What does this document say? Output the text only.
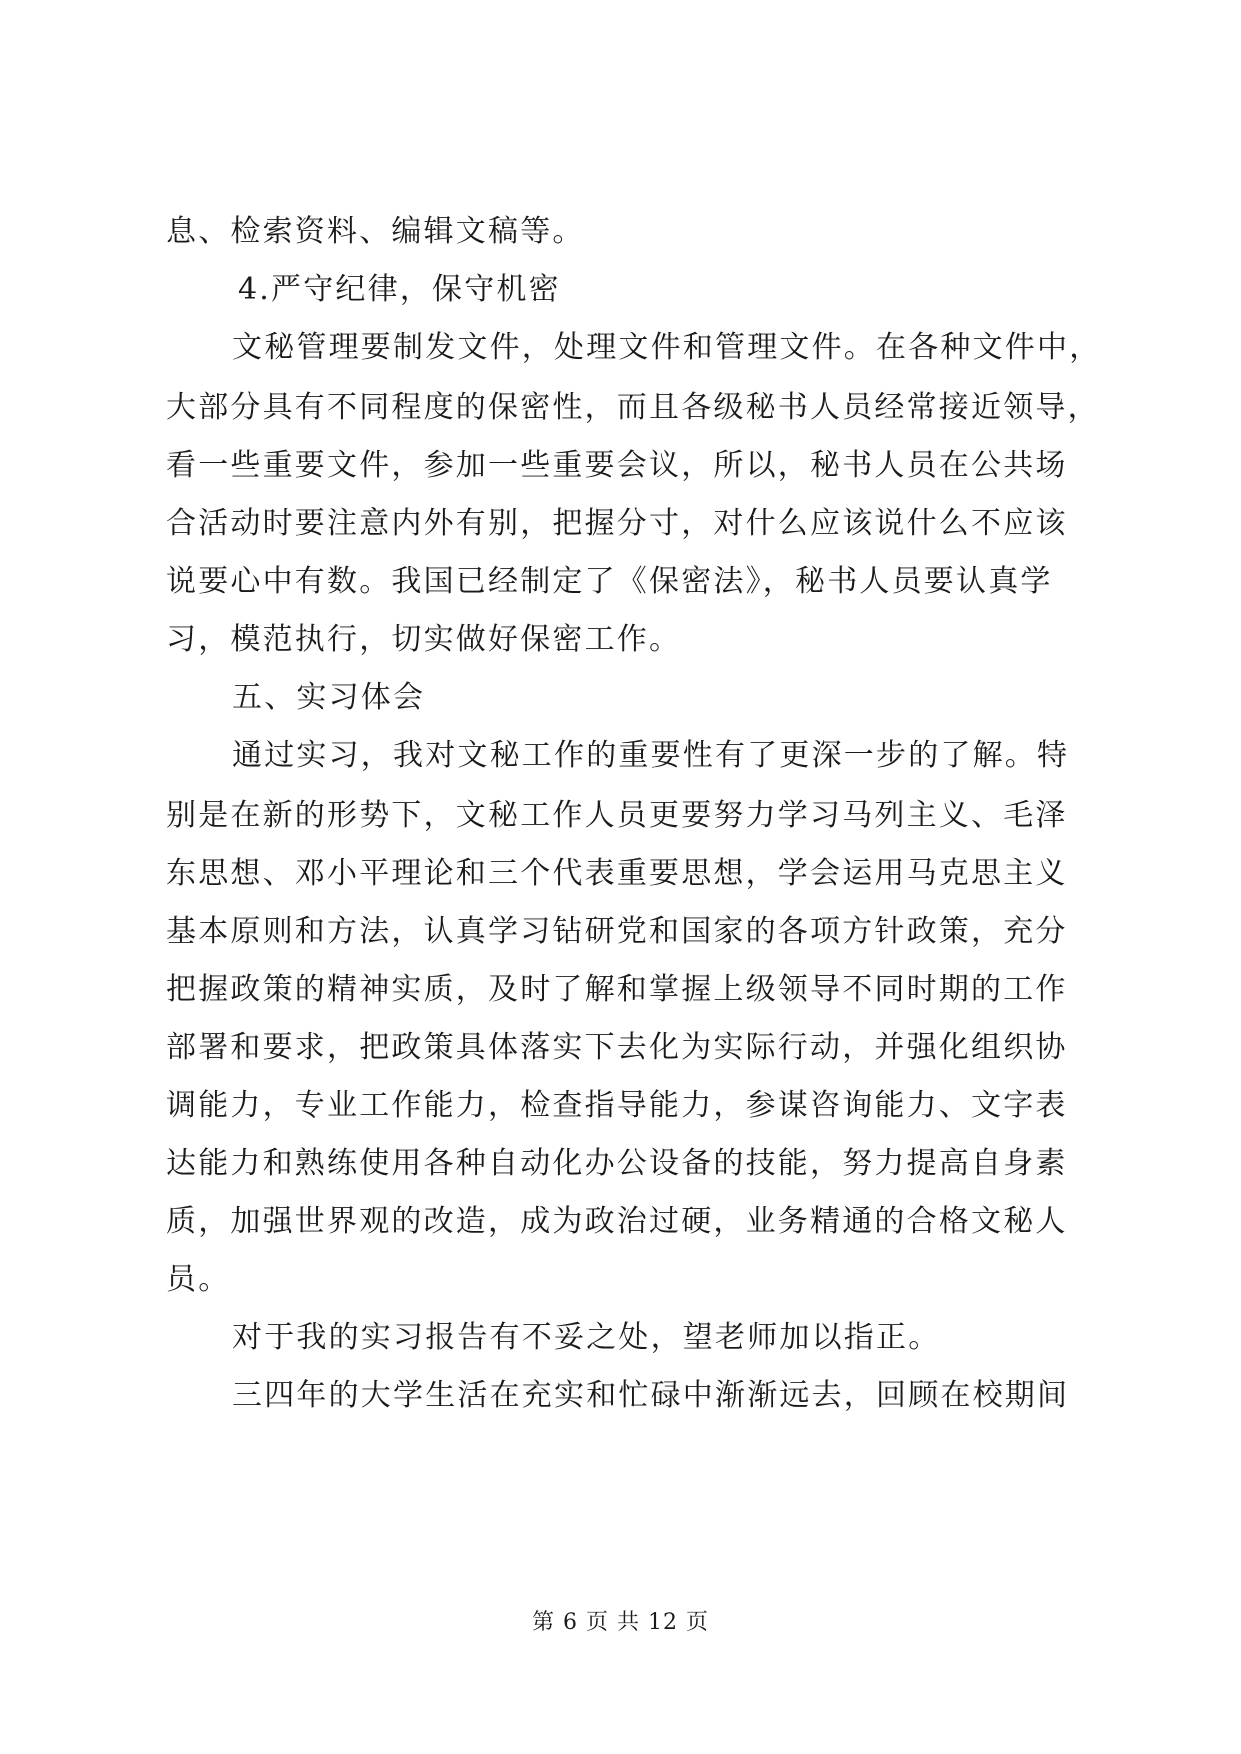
息、检索资料、编辑文稿等。
4.严守纪律，保守机密
文秘管理要制发文件，处理文件和管理文件。在各种文件中，
大部分具有不同程度的保密性，而且各级秘书人员经常接近领导，
看一些重要文件，参加一些重要会议，所以，秘书人员在公共场
合活动时要注意内外有别，把握分寸，对什么应该说什么不应该
说要心中有数。我国已经制定了《保密法》，秘书人员要认真学
习，模范执行，切实做好保密工作。
五、实习体会
通过实习，我对文秘工作的重要性有了更深一步的了解。特
别是在新的形势下，文秘工作人员更要努力学习马列主义、毛泽
东思想、邓小平理论和三个代表重要思想，学会运用马克思主义
基本原则和方法，认真学习钻研党和国家的各项方针政策，充分
把握政策的精神实质，及时了解和掌握上级领导不同时期的工作
部署和要求，把政策具体落实下去化为实际行动，并强化组织协
调能力，专业工作能力，检查指导能力，参谋咨询能力、文字表
达能力和熟练使用各种自动化办公设备的技能，努力提高自身素
质，加强世界观的改造，成为政治过硬，业务精通的合格文秘人
员。
对于我的实习报告有不妥之处，望老师加以指正。
三四年的大学生活在充实和忙碌中渐渐远去，回顾在校期间
第 6 页 共 12 页
